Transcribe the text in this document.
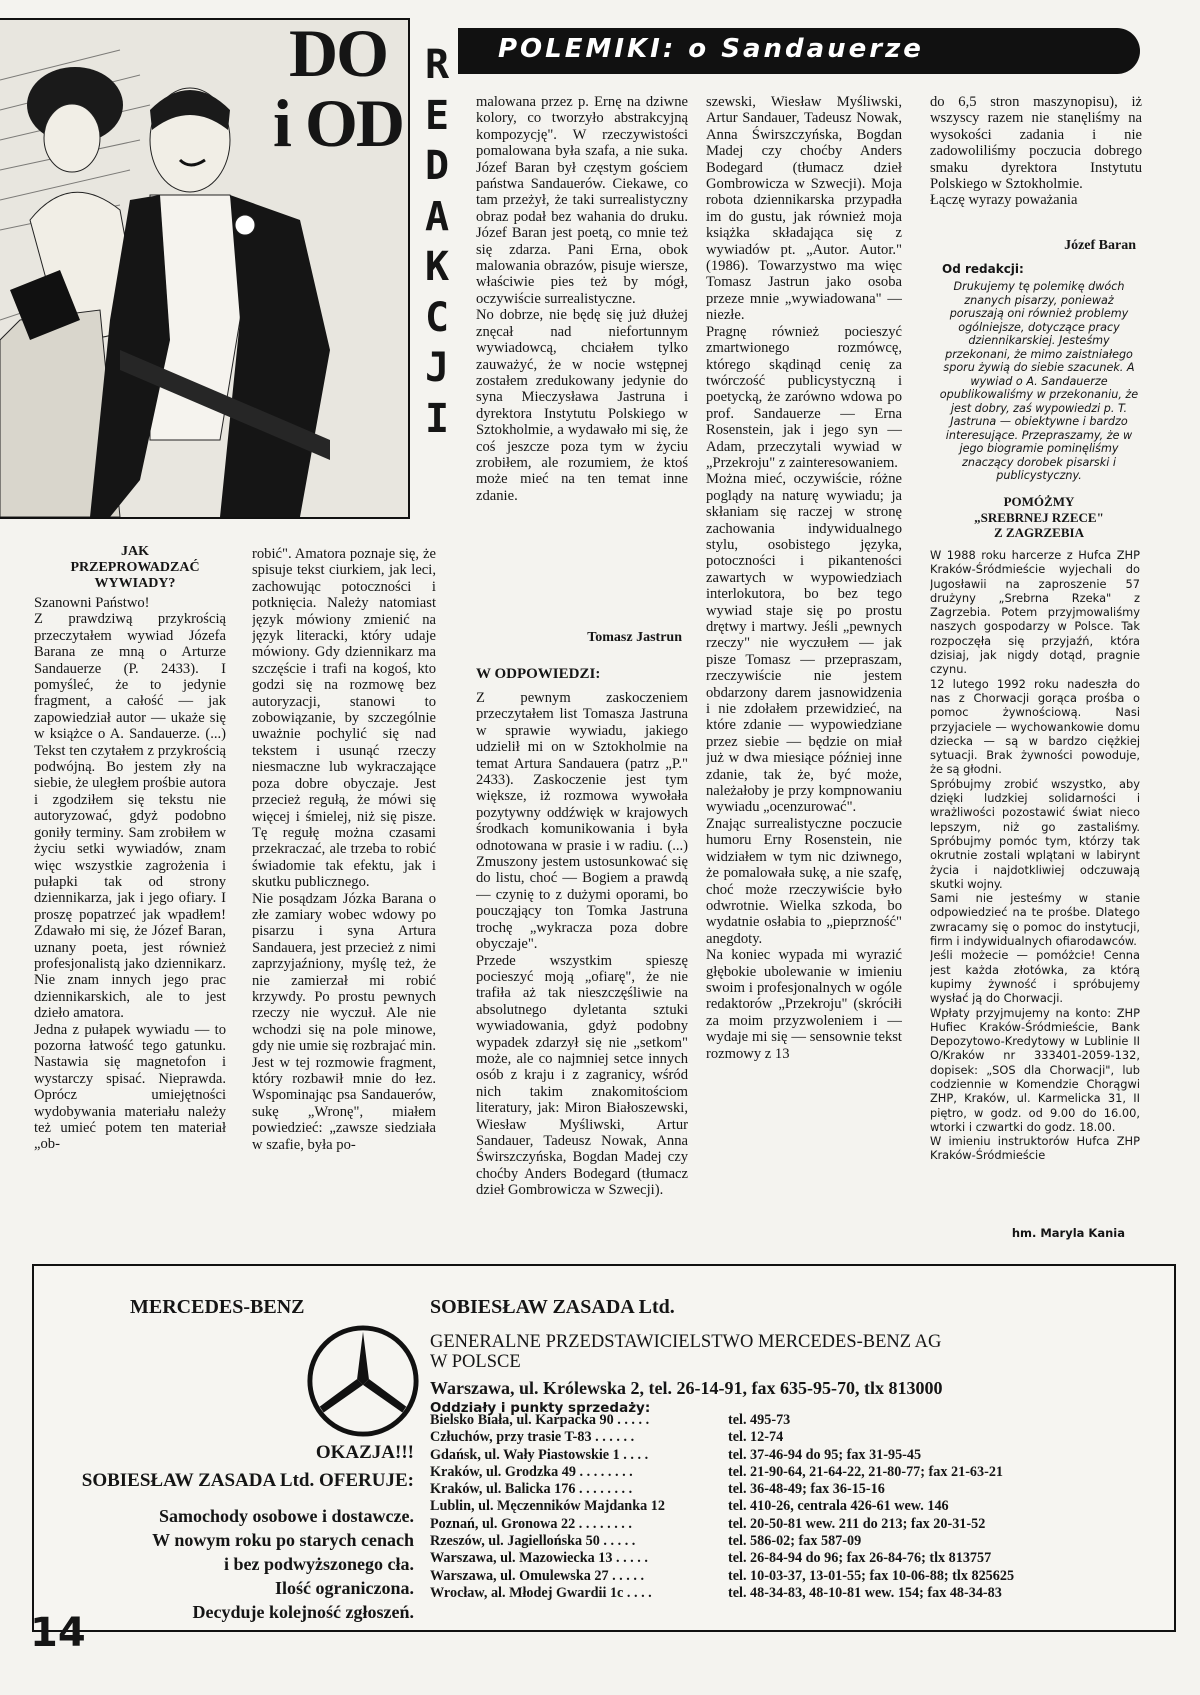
DO
i OD
R
E
D
A
K
C
J
I
POLEMIKI: o Sandauerze
JAK
PRZEPROWADZAĆ
WYWIADY?
Szanowni Państwo!
Z prawdziwą przykrością przeczytałem wywiad Józefa Barana ze mną o Arturze Sandauerze (P. 2433). I pomyśleć, że to jedynie fragment, a całość — jak zapowiedział autor — ukaże się w książce o A. Sandauerze. (...) Tekst ten czytałem z przykrością podwójną. Bo jestem zły na siebie, że uległem prośbie autora i zgodziłem się tekstu nie autoryzować, gdyż podobno goniły terminy. Sam zrobiłem w życiu setki wywiadów, znam więc wszystkie zagrożenia i pułapki tak od strony dziennikarza, jak i jego ofiary. I proszę popatrzeć jak wpadłem! Zdawało mi się, że Józef Baran, uznany poeta, jest również profesjonalistą jako dziennikarz. Nie znam innych jego prac dziennikarskich, ale to jest dzieło amatora.
Jedna z pułapek wywiadu — to pozorna łatwość tego gatunku. Nastawia się magnetofon i wystarczy spisać. Nieprawda. Oprócz umiejętności wydobywania materiału należy też umieć potem ten materiał „ob-
robić". Amatora poznaje się, że spisuje tekst ciurkiem, jak leci, zachowując potoczności i potknięcia. Należy natomiast język mówiony zmienić na język literacki, który udaje mówiony. Gdy dziennikarz ma szczęście i trafi na kogoś, kto godzi się na rozmowę bez autoryzacji, stanowi to zobowiązanie, by szczególnie uważnie pochylić się nad tekstem i usunąć rzeczy niesmaczne lub wykraczające poza dobre obyczaje. Jest przecież regułą, że mówi się więcej i śmielej, niż się pisze. Tę regułę można czasami przekraczać, ale trzeba to robić świadomie tak efektu, jak i skutku publicznego.
Nie posądzam Józka Barana o złe zamiary wobec wdowy po pisarzu i syna Artura Sandauera, jest przecież z nimi zaprzyjaźniony, myślę też, że nie zamierzał mi robić krzywdy. Po prostu pewnych rzeczy nie wyczuł. Ale nie wchodzi się na pole minowe, gdy nie umie się rozbrajać min.
Jest w tej rozmowie fragment, który rozbawił mnie do łez. Wspominając psa Sandauerów, sukę „Wronę", miałem powiedzieć: „zawsze siedziała w szafie, była po-
malowana przez p. Ernę na dziwne kolory, co tworzyło abstrakcyjną kompozycję". W rzeczywistości pomalowana była szafa, a nie suka. Józef Baran był częstym gościem państwa Sandauerów. Ciekawe, co tam przeżył, że taki surrealistyczny obraz podał bez wahania do druku. Józef Baran jest poetą, co mnie też się zdarza. Pani Erna, obok malowania obrazów, pisuje wiersze, właściwie pies też by mógł, oczywiście surrealistyczne.
No dobrze, nie będę się już dłużej znęcał nad niefortunnym wywiadowcą, chciałem tylko zauważyć, że w nocie wstępnej zostałem zredukowany jedynie do syna Mieczysława Jastruna i dyrektora Instytutu Polskiego w Sztokholmie, a wydawało mi się, że coś jeszcze poza tym w życiu zrobiłem, ale rozumiem, że ktoś może mieć na ten temat inne zdanie.
Tomasz Jastrun
W ODPOWIEDZI:
Z pewnym zaskoczeniem przeczytałem list Tomasza Jastruna w sprawie wywiadu, jakiego udzielił mi on w Sztokholmie na temat Artura Sandauera (patrz „P." 2433). Zaskoczenie jest tym większe, iż rozmowa wywołała pozytywny oddźwięk w krajowych środkach komunikowania i była odnotowana w prasie i w radiu. (...) Zmuszony jestem ustosunkować się do listu, choć — Bogiem a prawdą — czynię to z dużymi oporami, bo poucząjący ton Tomka Jastruna trochę „wykracza poza dobre obyczaje".
Przede wszystkim spieszę pocieszyć moją „ofiarę", że nie trafiła aż tak nieszczęśliwie na absolutnego dyletanta sztuki wywiadowania, gdyż podobny wypadek zdarzył się nie „setkom" może, ale co najmniej setce innych osób z kraju i z zagranicy, wśród nich takim znakomitościom literatury, jak: Miron Białoszewski, Wiesław Myśliwski, Artur Sandauer, Tadeusz Nowak, Anna Świrszczyńska, Bogdan Madej czy choćby Anders Bodegard (tłumacz dzieł Gombrowicza w Szwecji).
szewski, Wiesław Myśliwski, Artur Sandauer, Tadeusz Nowak, Anna Świrszczyńska, Bogdan Madej czy choćby Anders Bodegard (tłumacz dzieł Gombrowicza w Szwecji). Moja robota dziennikarska przypadła im do gustu, jak również moja książka składająca się z wywiadów pt. „Autor. Autor." (1986). Towarzystwo ma więc Tomasz Jastrun jako osoba przeze mnie „wywiadowana" — niezłe.
Pragnę również pocieszyć zmartwionego rozmówcę, którego skądinąd cenię za twórczość publicystyczną i poetycką, że zarówno wdowa po prof. Sandauerze — Erna Rosenstein, jak i jego syn — Adam, przeczytali wywiad w „Przekroju" z zainteresowaniem.
Można mieć, oczywiście, różne poglądy na naturę wywiadu; ja skłaniam się raczej w stronę zachowania indywidualnego stylu, osobistego języka, potoczności i pikanteności zawartych w wypowiedziach interlokutora, bo bez tego wywiad staje się po prostu drętwy i martwy. Jeśli „pewnych rzeczy" nie wyczułem — jak pisze Tomasz — przepraszam, rzeczywiście nie jestem obdarzony darem jasnowidzenia i nie zdołałem przewidzieć, na które zdanie — wypowiedziane przez siebie — będzie on miał już w dwa miesiące później inne zdanie, tak że, być może, należałoby je przy kompnowaniu wywiadu „ocenzurować".
Znając surrealistyczne poczucie humoru Erny Rosenstein, nie widziałem w tym nic dziwnego, że pomalowała sukę, a nie szafę, choć może rzeczywiście było odwrotnie. Wielka szkoda, bo wydatnie osłabia to „pieprzność" anegdoty.
Na koniec wypada mi wyrazić głębokie ubolewanie w imieniu swoim i profesjonalnych w ogóle redaktorów „Przekroju" (skróciłi za moim przyzwoleniem i — wydaje mi się — sensownie tekst rozmowy z 13
do 6,5 stron maszynopisu), iż wszyscy razem nie stanęliśmy na wysokości zadania i nie zadowoliliśmy poczucia dobrego smaku dyrektora Instytutu Polskiego w Sztokholmie.
Łączę wyrazy poważania
Józef Baran
Od redakcji:
Drukujemy tę polemikę dwóch znanych pisarzy, ponieważ poruszają oni również problemy ogólniejsze, dotyczące pracy dziennikarskiej. Jesteśmy przekonani, że mimo zaistniałego sporu żywią do siebie szacunek. A wywiad o A. Sandauerze opublikowaliśmy w przekonaniu, że jest dobry, zaś wypowiedzi p. T. Jastruna — obiektywne i bardzo interesujące. Przepraszamy, że w jego biogramie pominęliśmy znaczący dorobek pisarski i publicystyczny.
POMÓŻMY
„SREBRNEJ RZECE"
Z ZAGRZEBIA
W 1988 roku harcerze z Hufca ZHP Kraków-Śródmieście wyjechali do Jugosławii na zaproszenie 57 drużyny „Srebrna Rzeka" z Zagrzebia. Potem przyjmowaliśmy naszych gospodarzy w Polsce. Tak rozpoczęła się przyjaźń, która dzisiaj, jak nigdy dotąd, pragnie czynu.
12 lutego 1992 roku nadeszła do nas z Chorwacji gorąca prośba o pomoc żywnościową. Nasi przyjaciele — wychowankowie domu dziecka — są w bardzo ciężkiej sytuacji. Brak żywności powoduje, że są głodni.
Spróbujmy zrobić wszystko, aby dzięki ludzkiej solidarności i wrażliwości pozostawić świat nieco lepszym, niż go zastaliśmy. Spróbujmy pomóc tym, którzy tak okrutnie zostali wplątani w labirynt życia i najdotkliwiej odczuwają skutki wojny.
Sami nie jesteśmy w stanie odpowiedzieć na te prośbe. Dlatego zwracamy się o pomoc do instytucji, firm i indywidualnych ofiarodawców.
Jeśli możecie — pomóżcie! Cenna jest każda złotówka, za którą kupimy żywność i spróbujemy wysłać ją do Chorwacji.
Wpłaty przyjmujemy na konto: ZHP Hufiec Kraków-Śródmieście, Bank Depozytowo-Kredytowy w Lublinie II O/Kraków nr 333401-2059-132, dopisek: „SOS dla Chorwacji", lub codziennie w Komendzie Chorągwi ZHP, Kraków, ul. Karmelicka 31, II piętro, w godz. od 9.00 do 16.00, wtorki i czwartki do godz. 18.00.
W imieniu instruktorów Hufca ZHP Kraków-Śródmieście
hm. Maryla Kania
MERCEDES-BENZ	SOBIESŁAW ZASADA Ltd.
GENERALNE PRZEDSTAWICIELSTWO MERCEDES-BENZ AG
W POLSCE
Warszawa, ul. Królewska 2, tel. 26-14-91, fax 635-95-70, tlx 813000
Oddziały i punkty sprzedaży:
Bielsko Biała, ul. Karpacka 90 . . . . .	tel. 495-73
Człuchów, przy trasie T-83 . . . . . .	tel. 12-74
Gdańsk, ul. Wały Piastowskie 1 . . . .	tel. 37-46-94 do 95; fax 31-95-45
Kraków, ul. Grodzka 49 . . . . . . . .	tel. 21-90-64, 21-64-22, 21-80-77; fax 21-63-21
Kraków, ul. Balicka 176 . . . . . . . .	tel. 36-48-49; fax 36-15-16
Lublin, ul. Męczenników Majdanka 12	tel. 410-26, centrala 426-61 wew. 146
Poznań, ul. Gronowa 22 . . . . . . . .	tel. 20-50-81 wew. 211 do 213; fax 20-31-52
Rzeszów, ul. Jagiellońska 50 . . . . .	tel. 586-02; fax 587-09
Warszawa, ul. Mazowiecka 13 . . . . .	tel. 26-84-94 do 96; fax 26-84-76; tlx 813757
Warszawa, ul. Omulewska 27 . . . . .	tel. 10-03-37, 13-01-55; fax 10-06-88; tlx 825625
Wrocław, al. Młodej Gwardii 1c . . . .	tel. 48-34-83, 48-10-81 wew. 154; fax 48-34-83
OKAZJA!!!
SOBIESŁAW ZASADA Ltd. OFERUJE:
Samochody osobowe i dostawcze.
W nowym roku po starych cenach
i bez podwyższonego cła.
Ilość ograniczona.
Decyduje kolejność zgłoszeń.
14
